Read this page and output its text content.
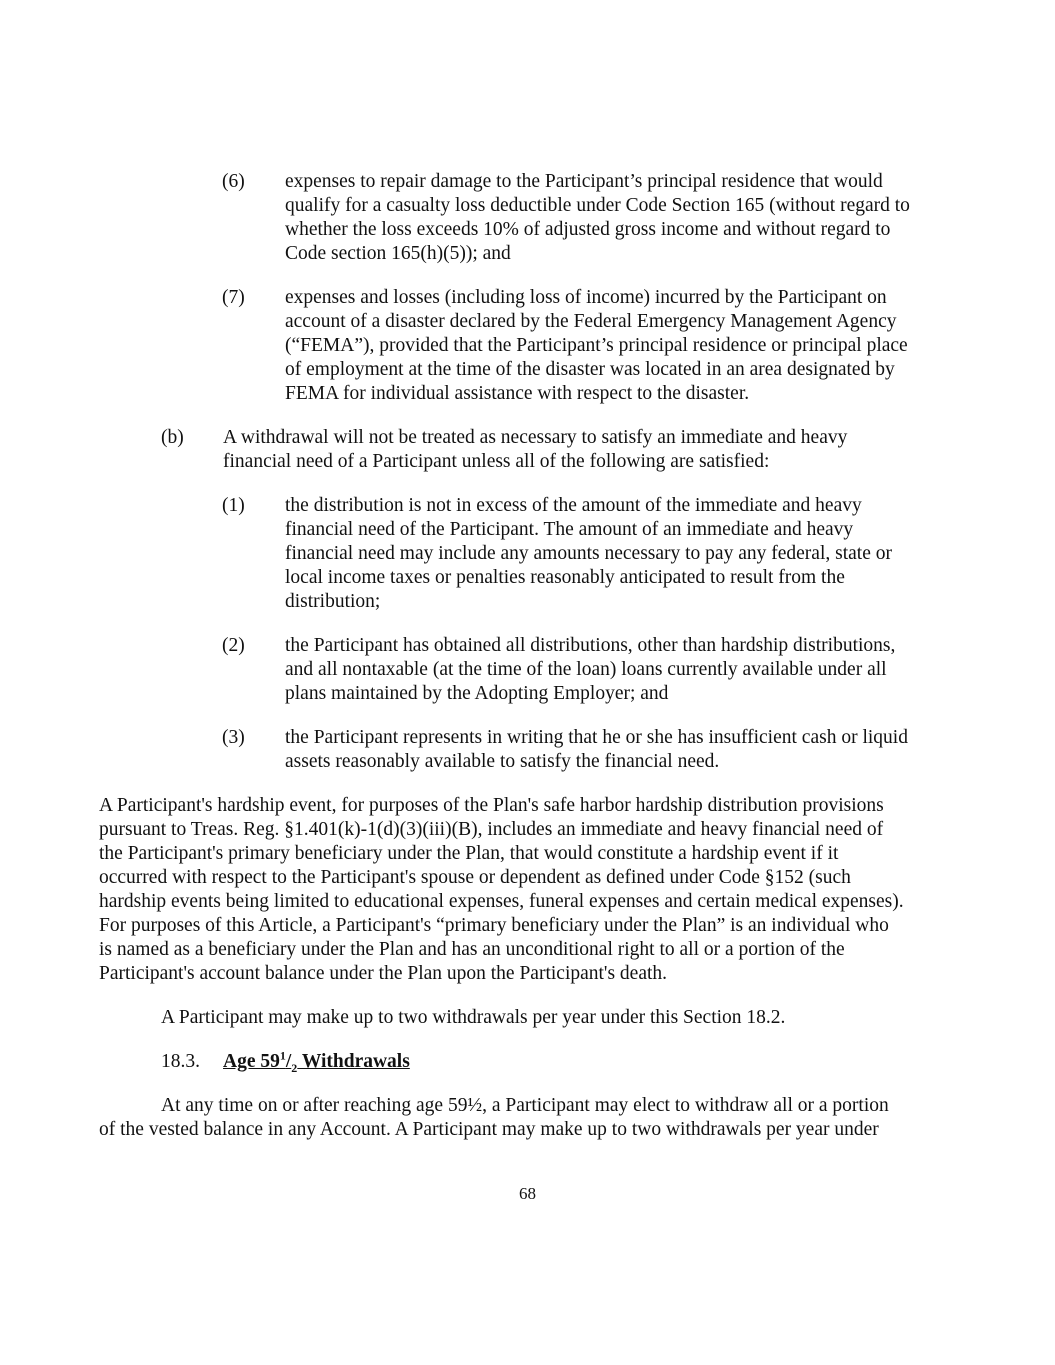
(6) expenses to repair damage to the Participant’s principal residence that would
qualify for a casualty loss deductible under Code Section 165 (without regard to
whether the loss exceeds 10% of adjusted gross income and without regard to
Code section 165(h)(5)); and
(7) expenses and losses (including loss of income) incurred by the Participant on
account of a disaster declared by the Federal Emergency Management Agency
(“FEMA”), provided that the Participant’s principal residence or principal place
of employment at the time of the disaster was located in an area designated by
FEMA for individual assistance with respect to the disaster.
(b) A withdrawal will not be treated as necessary to satisfy an immediate and heavy
financial need of a Participant unless all of the following are satisfied:
(1) the distribution is not in excess of the amount of the immediate and heavy
financial need of the Participant. The amount of an immediate and heavy
financial need may include any amounts necessary to pay any federal, state or
local income taxes or penalties reasonably anticipated to result from the
distribution;
(2) the Participant has obtained all distributions, other than hardship distributions,
and all nontaxable (at the time of the loan) loans currently available under all
plans maintained by the Adopting Employer; and
(3) the Participant represents in writing that he or she has insufficient cash or liquid
assets reasonably available to satisfy the financial need.
A Participant's hardship event, for purposes of the Plan's safe harbor hardship distribution provisions
pursuant to Treas. Reg. §1.401(k)-1(d)(3)(iii)(B), includes an immediate and heavy financial need of
the Participant's primary beneficiary under the Plan, that would constitute a hardship event if it
occurred with respect to the Participant's spouse or dependent as defined under Code §152 (such
hardship events being limited to educational expenses, funeral expenses and certain medical expenses).
For purposes of this Article, a Participant's “primary beneficiary under the Plan” is an individual who
is named as a beneficiary under the Plan and has an unconditional right to all or a portion of the
Participant's account balance under the Plan upon the Participant's death.
A Participant may make up to two withdrawals per year under this Section 18.2.
18.3. Age $59^1/_2$ Withdrawals
At any time on or after reaching age 59½, a Participant may elect to withdraw all or a portion
of the vested balance in any Account. A Participant may make up to two withdrawals per year under
68
